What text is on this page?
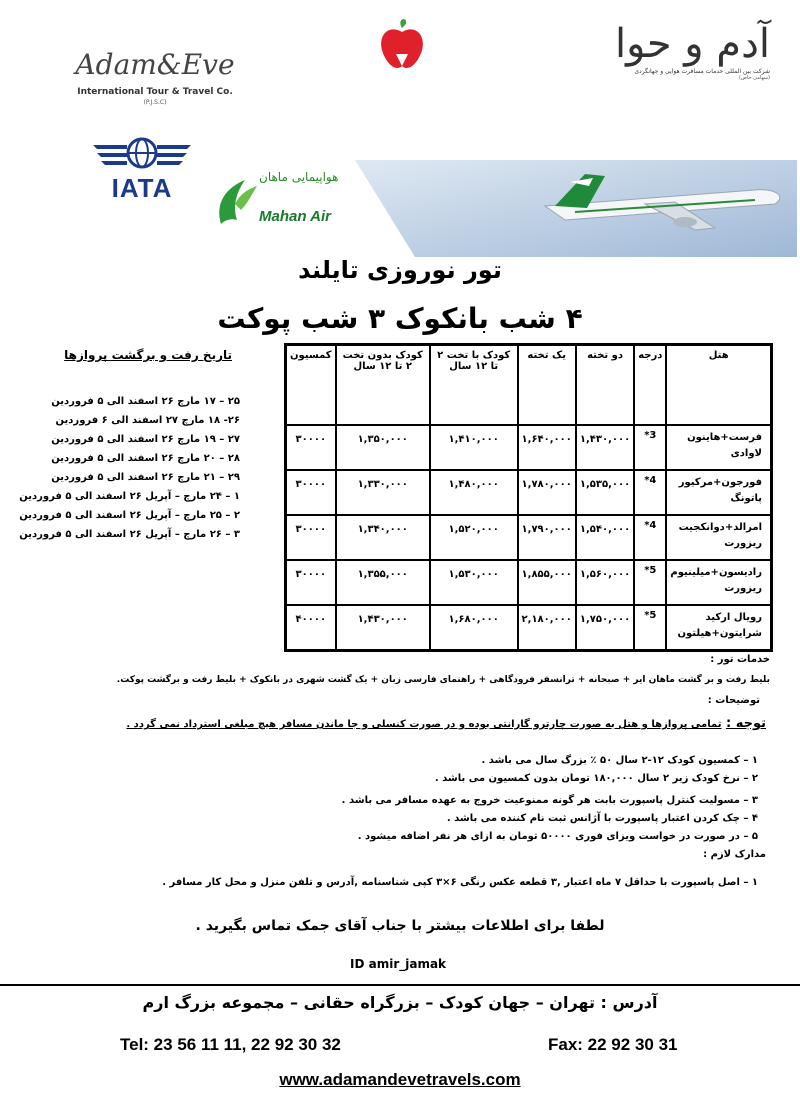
Adam&Eve
International Tour & Travel Co.
(P.J.S.C)
آدم و حوا
شرکت بین المللی خدمات مسافرت هوایی و جهانگردی
(سهامی خاص)
IATA	هواپیمایی ماهان
Mahan Air
تور نوروزی تایلند
۴ شب بانکوک ۳ شب پوکت
هتل	درجه	دو تخته	یک تخته	کودک با تخت ۲ تا ۱۲ سال	کودک بدون تخت ۲ تا ۱۲ سال	کمسیون
فرست+هاینون لاوادی	3*	۱,۴۳۰,۰۰۰	۱,۶۴۰,۰۰۰	۱,۴۱۰,۰۰۰	۱,۳۵۰,۰۰۰	۳۰۰۰۰
فورجون+مرکیور پاتونگ	4*	۱,۵۳۵,۰۰۰	۱,۷۸۰,۰۰۰	۱,۴۸۰,۰۰۰	۱,۳۳۰,۰۰۰	۳۰۰۰۰
امرالد+دوانکجیت ریزورت	4*	۱,۵۴۰,۰۰۰	۱,۷۹۰,۰۰۰	۱,۵۲۰,۰۰۰	۱,۳۴۰,۰۰۰	۳۰۰۰۰
رادیسون+میلینیوم ریزورت	5*	۱,۵۶۰,۰۰۰	۱,۸۵۵,۰۰۰	۱,۵۳۰,۰۰۰	۱,۳۵۵,۰۰۰	۳۰۰۰۰
رویال ارکید شرایتون+هیلتون	5*	۱,۷۵۰,۰۰۰	۲,۱۸۰,۰۰۰	۱,۶۸۰,۰۰۰	۱,۴۳۰,۰۰۰	۴۰۰۰۰
تاریخ رفت و برگشت پروازها
۲۵ – ۱۷ مارچ ۲۶ اسفند الی ۵ فروردین
۲۶- ۱۸ مارچ ۲۷ اسفند الی ۶ فروردین
۲۷ – ۱۹ مارچ ۲۶ اسفند الی ۵ فروردین
۲۸ – ۲۰ مارچ ۲۶ اسفند الی ۵ فروردین
۲۹ – ۲۱ مارچ ۲۶ اسفند الی ۵ فروردین
۱ – ۲۴ مارچ – آپریل ۲۶ اسفند الی ۵ فروردین
۲ – ۲۵ مارچ – آپریل ۲۶ اسفند الی ۵ فروردین
۳ – ۲۶ مارچ – آپریل ۲۶ اسفند الی ۵ فروردین
خدمات تور :
بلیط رفت و بر گشت ماهان ایر + صبحانه + ترانسفر فرودگاهی + راهنمای فارسی زبان + یک گشت شهری در بانکوک + بلیط رفت و برگشت پوکت.
توضیحات :
توجه : تمامی پروازها و هتل به صورت چارترو گارانتی بوده و در صورت کنسلی و جا ماندن مسافر هیچ مبلغی استرداد نمی گردد .
۱ – کمسیون کودک ۱۲-۲ سال ۵۰ ٪ بزرگ سال می باشد .
۲ – نرخ کودک زیر ۲ سال ۱۸۰,۰۰۰ تومان بدون کمسیون می باشد .
۳ – مسولیت کنترل پاسپورت بابت هر گونه ممنوعیت خروج به عهده مسافر می باشد .
۴ – چک کردن اعتبار پاسپورت با آژانس ثبت نام کننده می باشد .
۵ – در صورت در خواست ویزای فوری ۵۰۰۰۰ تومان به ازای هر نفر اضافه میشود .
مدارک لازم :
۱ – اصل پاسپورت با حداقل ۷ ماه اعتبار ,۳ قطعه عکس رنگی ۶×۳ کپی شناسنامه ,آدرس و تلفن منزل و محل کار مسافر .
لطفا برای اطلاعات بیشتر با جناب آقای جمک تماس بگیرید .
ID amir_jamak
آدرس : تهران – جهان کودک – بزرگراه حقانی – مجموعه بزرگ ارم
Tel: 23 56 11 11, 22 92 30 32	Fax: 22 92 30 31
www.adamandevetravels.com
